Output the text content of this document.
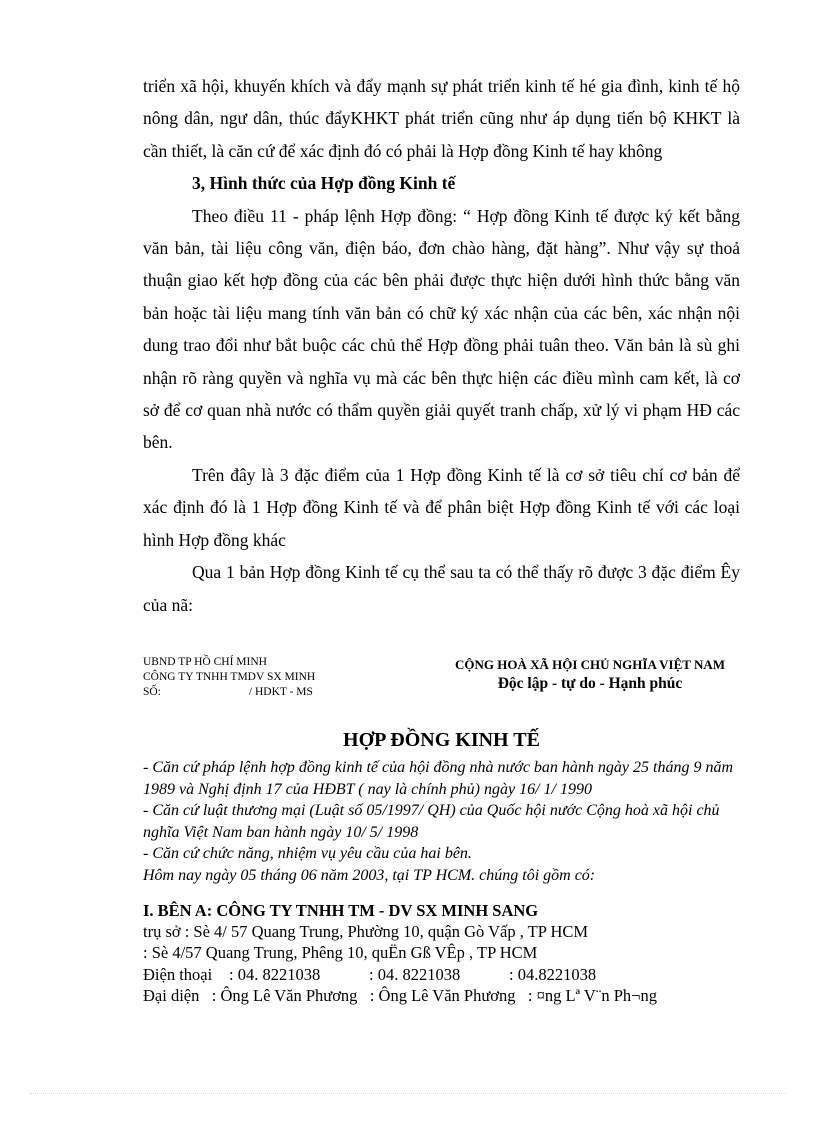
triển xã hội, khuyến khích và đẩy mạnh sự phát triển kinh tế hé gia đình, kinh tế hộ nông dân, ngư dân, thúc đẩyKHKT phát triển cũng như áp dụng tiến bộ KHKT là cần thiết, là căn cứ để xác định đó có phải là Hợp đồng Kinh tế hay không

3, Hình thức của Hợp đồng Kinh tế

Theo điều 11 - pháp lệnh Hợp đồng: “ Hợp đồng Kinh tế được ký kết bằng văn bản, tài liệu công văn, điện báo, đơn chào hàng, đặt hàng”. Như vậy sự thoả thuận giao kết hợp đồng của các bên phải được thực hiện dưới hình thức bằng văn bản hoặc tài liệu mang tính văn bản có chữ ký xác nhận của các bên, xác nhận nội dung trao đổi như bắt buộc các chủ thể Hợp đồng phải tuân theo. Văn bản là sù ghi nhận rõ ràng quyền và nghĩa vụ mà các bên thực hiện các điều mình cam kết, là cơ sở để cơ quan nhà nước có thẩm quyền giải quyết tranh chấp, xử lý vi phạm HĐ các bên.

Trên đây là 3 đặc điểm của 1 Hợp đồng Kinh tế là cơ sở tiêu chí cơ bản để xác định đó là 1 Hợp đồng Kinh tế và để phân biệt Hợp đồng Kinh tế với các loại hình Hợp đồng khác

Qua 1 bản Hợp đồng Kinh tế cụ thể sau ta có thể thấy rõ được 3 đặc điểm Êy của nã:

UBND TP HỒ CHÍ MINH
CÔNG TY TNHH TMDV SX MINH
SỐ:	/ HDKT - MS
CỘNG HOÀ XÃ HỘI CHỦ NGHĨA VIỆT NAM
Độc lập - tự do - Hạnh phúc
HỢP ĐỒNG KINH TẾ

- Căn cứ pháp lệnh hợp đồng kinh tế của hội đồng nhà nước ban hành ngày 25 tháng 9 năm 1989 và Nghị định 17 của HĐBT ( nay là chính phủ) ngày 16/ 1/ 1990

- Căn cứ luật thương mại (Luật số 05/1997/ QH) của Quốc hội nước Cộng hoà xã hội chủ nghĩa Việt Nam ban hành ngày 10/ 5/ 1998

- Căn cứ chức năng, nhiệm vụ yêu cầu của hai bên.

Hôm nay ngày 05 tháng 06 năm 2003, tại TP HCM. chúng tôi gồm có:

I. BÊN A: CÔNG TY TNHH TM - DV SX MINH SANG

trụ sở : Sè 4/ 57 Quang Trung, Phường 10, quận Gò Vấp , TP HCM

: Sè 4/57 Quang Trung, Phêng 10, quËn Gß VÊp , TP HCM

Điện thoại	: 04. 8221038	: 04. 8221038	: 04.8221038

Đại diện : Ông Lê Văn Phương : Ông Lê Văn Phương : ¤ng Lª V¨n Ph¬ng
